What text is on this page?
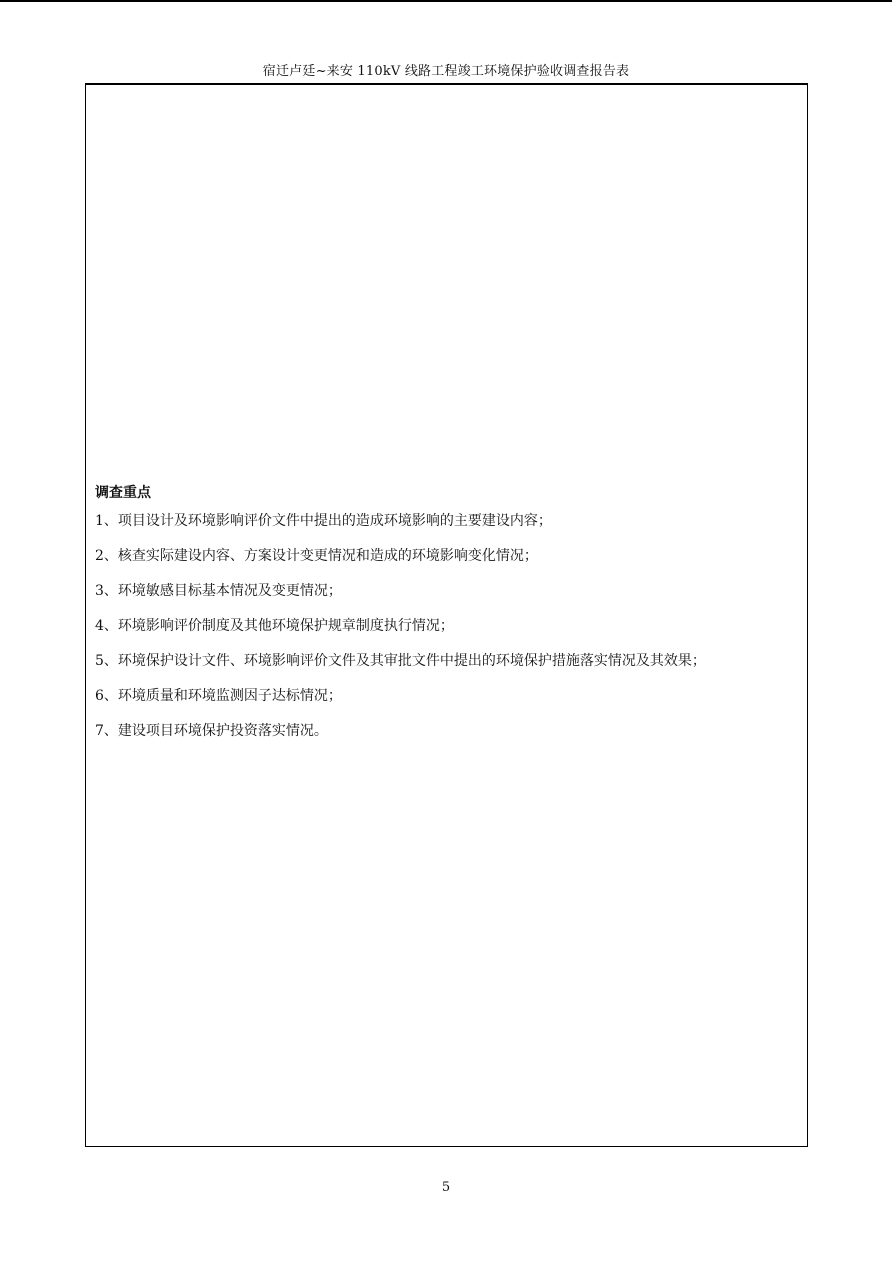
宿迁卢廷~来安 110kV 线路工程竣工环境保护验收调查报告表
调查重点
1、项目设计及环境影响评价文件中提出的造成环境影响的主要建设内容；
2、核查实际建设内容、方案设计变更情况和造成的环境影响变化情况；
3、环境敏感目标基本情况及变更情况；
4、环境影响评价制度及其他环境保护规章制度执行情况；
5、环境保护设计文件、环境影响评价文件及其审批文件中提出的环境保护措施落实情况及其效果；
6、环境质量和环境监测因子达标情况；
7、建设项目环境保护投资落实情况。
5
